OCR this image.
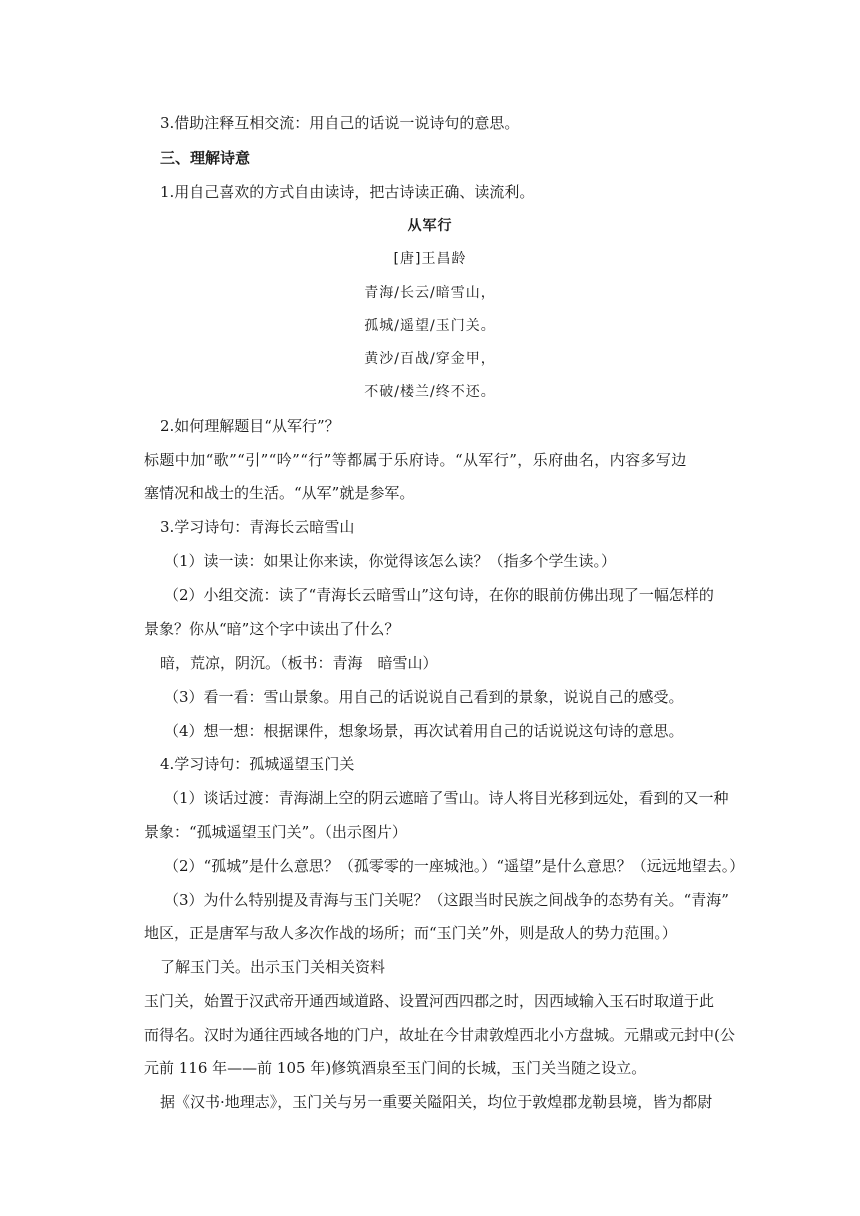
3.借助注释互相交流：用自己的话说一说诗句的意思。
三、理解诗意
1.用自己喜欢的方式自由读诗，把古诗读正确、读流利。
从军行
[唐]王昌龄
青海/长云/暗雪山，
孤城/遥望/玉门关。
黄沙/百战/穿金甲，
不破/楼兰/终不还。
2.如何理解题目“从军行”？
标题中加“歌”“引”“吟”“行”等都属于乐府诗。“从军行”，乐府曲名，内容多写边
塞情况和战士的生活。“从军”就是参军。
3.学习诗句：青海长云暗雪山
（1）读一读：如果让你来读，你觉得该怎么读？（指多个学生读。）
（2）小组交流：读了“青海长云暗雪山”这句诗，在你的眼前仿佛出现了一幅怎样的
景象？你从“暗”这个字中读出了什么？
暗，荒凉，阴沉。（板书：青海　暗雪山）
（3）看一看：雪山景象。用自己的话说说自己看到的景象，说说自己的感受。
（4）想一想：根据课件，想象场景，再次试着用自己的话说说这句诗的意思。
4.学习诗句：孤城遥望玉门关
（1）谈话过渡：青海湖上空的阴云遮暗了雪山。诗人将目光移到远处，看到的又一种
景象：“孤城遥望玉门关”。（出示图片）
（2）“孤城”是什么意思？（孤零零的一座城池。）“遥望”是什么意思？（远远地望去。）
（3）为什么特别提及青海与玉门关呢？（这跟当时民族之间战争的态势有关。“青海”
地区，正是唐军与敌人多次作战的场所；而“玉门关”外，则是敌人的势力范围。）
了解玉门关。出示玉门关相关资料
玉门关，始置于汉武帝开通西域道路、设置河西四郡之时，因西域输入玉石时取道于此
而得名。汉时为通往西域各地的门户，故址在今甘肃敦煌西北小方盘城。元鼎或元封中(公
元前 116 年——前 105 年)修筑酒泉至玉门间的长城，玉门关当随之设立。
据《汉书·地理志》，玉门关与另一重要关隘阳关，均位于敦煌郡龙勒县境，皆为都尉
